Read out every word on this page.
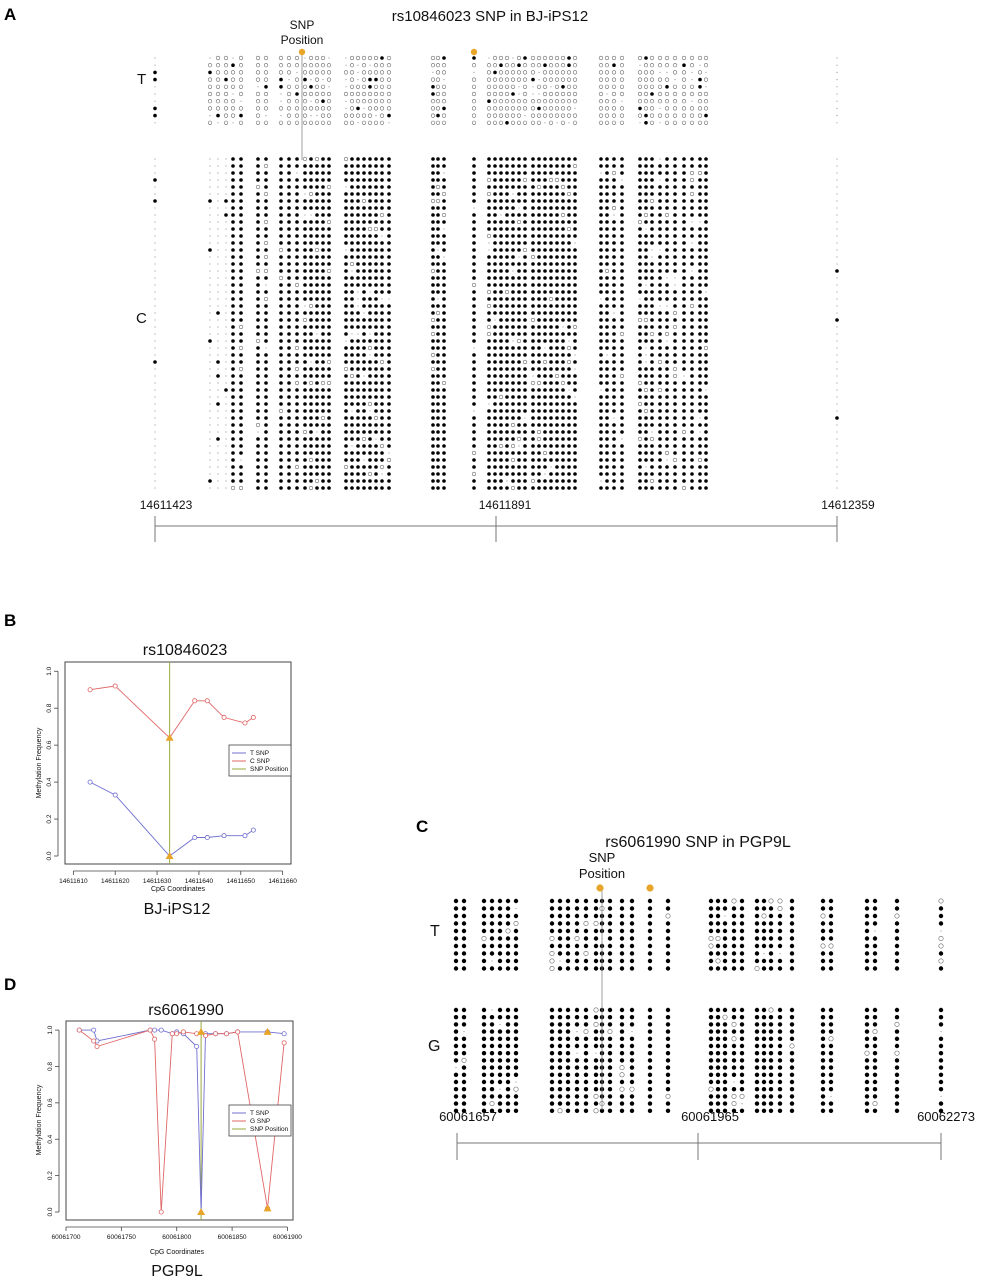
A
B
C
D
rs10846023 SNP in BJ-iPS12
SNP
Position
T
C
14611423	14611891	14612359
rs6061990 SNP in PGP9L
SNP
Position
T
G
60061657	60061965	60062273
rs10846023
0.0
0.2
0.4
0.6
0.8
1.0
14611610 14611620 14611630 14611640 14611650 14611660
CpG Coordinates
Methylation Frequency
BJ-iPS12
T SNP
C SNP
SNP Position
rs6061990
0.0
0.2
0.4
0.6
0.8
1.0
60061700	60061750	60061800	60061850	60061900
CpG Coordinates
Methylation Frequency
PGP9L
T SNP
G SNP
SNP Position
